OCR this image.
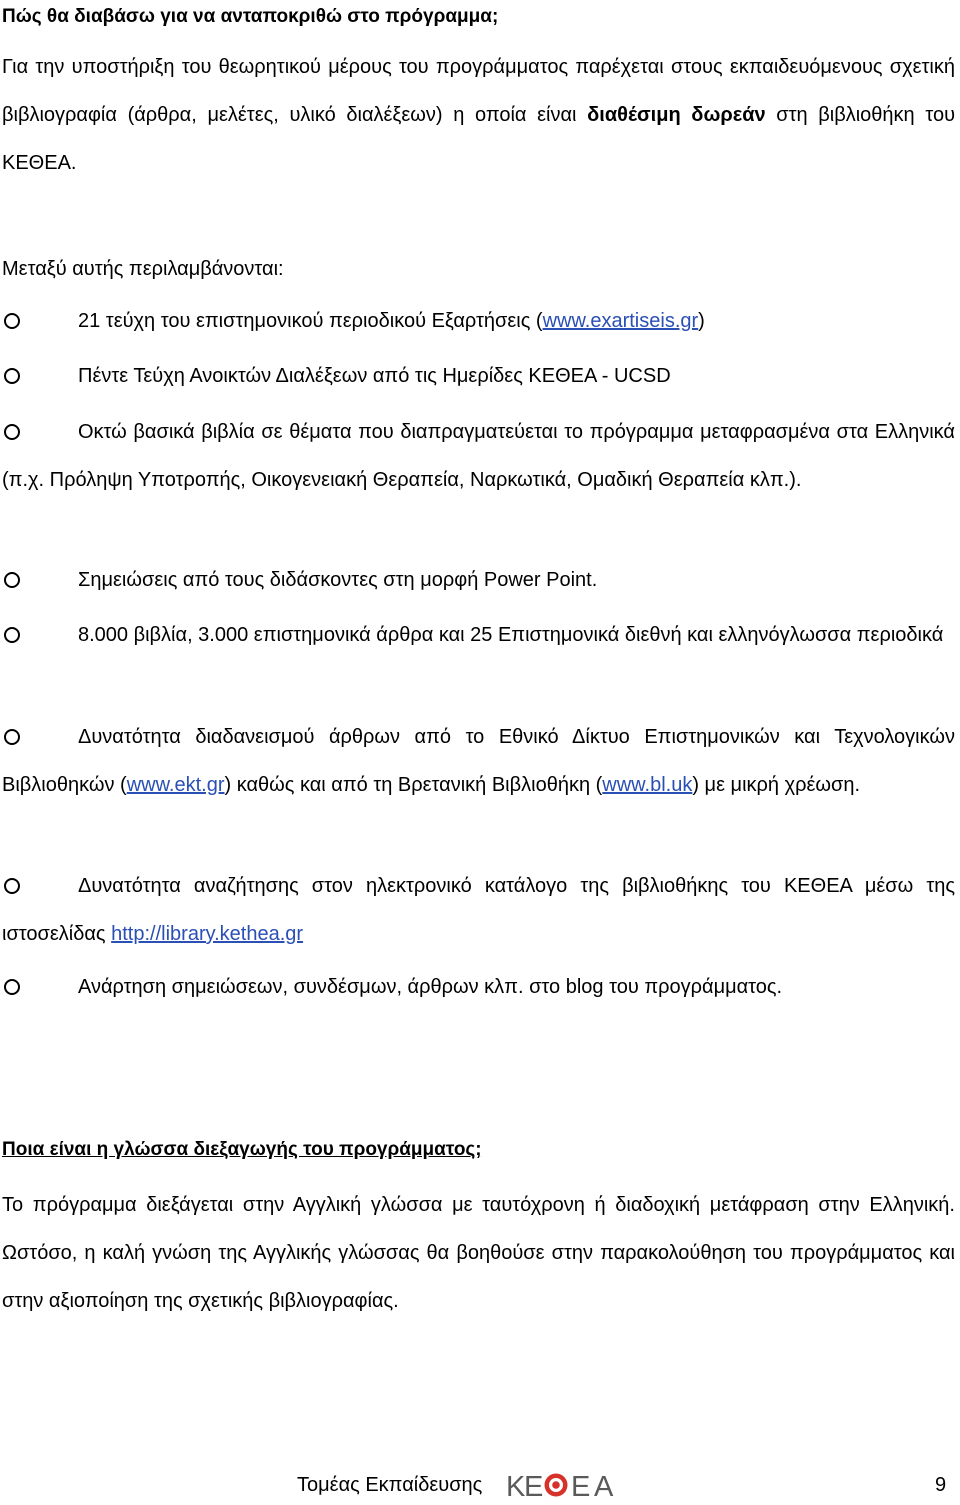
Πώς θα διαβάσω για να ανταποκριθώ στο πρόγραμμα;

Για την υποστήριξη του θεωρητικού μέρους του προγράμματος παρέχεται στους εκπαιδευόμενους σχετική βιβλιογραφία (άρθρα, μελέτες, υλικό διαλέξεων) η οποία είναι διαθέσιμη δωρεάν στη βιβλιοθήκη του ΚΕΘΕΑ.

Μεταξύ αυτής περιλαμβάνονται:

21 τεύχη του επιστημονικού περιοδικού Εξαρτήσεις (www.exartiseis.gr)

Πέντε Τεύχη Ανοικτών Διαλέξεων από τις Ημερίδες ΚΕΘΕΑ - UCSD

Οκτώ βασικά βιβλία σε θέματα που διαπραγματεύεται το πρόγραμμα μεταφρασμένα στα Ελληνικά (π.χ. Πρόληψη Υποτροπής, Οικογενειακή Θεραπεία, Ναρκωτικά, Ομαδική Θεραπεία κλπ.).

Σημειώσεις από τους διδάσκοντες στη μορφή Power Point.

8.000 βιβλία, 3.000 επιστημονικά άρθρα και 25 Επιστημονικά διεθνή και ελληνόγλωσσα περιοδικά

Δυνατότητα διαδανεισμού άρθρων από το Εθνικό Δίκτυο Επιστημονικών και Τεχνολογικών Βιβλιοθηκών (www.ekt.gr) καθώς και από τη Βρετανική Βιβλιοθήκη (www.bl.uk) με μικρή χρέωση.

Δυνατότητα αναζήτησης στον ηλεκτρονικό κατάλογο της βιβλιοθήκης του ΚΕΘΕΑ μέσω της ιστοσελίδας http://library.kethea.gr

Ανάρτηση σημειώσεων, συνδέσμων, άρθρων κλπ. στο blog του προγράμματος.

Ποια είναι η γλώσσα διεξαγωγής του προγράμματος;

Το πρόγραμμα διεξάγεται στην Αγγλική γλώσσα με ταυτόχρονη ή διαδοχική μετάφραση στην Ελληνική. Ωστόσο, η καλή γνώση της Αγγλικής γλώσσας θα βοηθούσε στην παρακολούθηση του προγράμματος και στην αξιοποίηση της σχετικής βιβλιογραφίας.

Τομέας Εκπαίδευσης Κ
Ε Ε Α	9
